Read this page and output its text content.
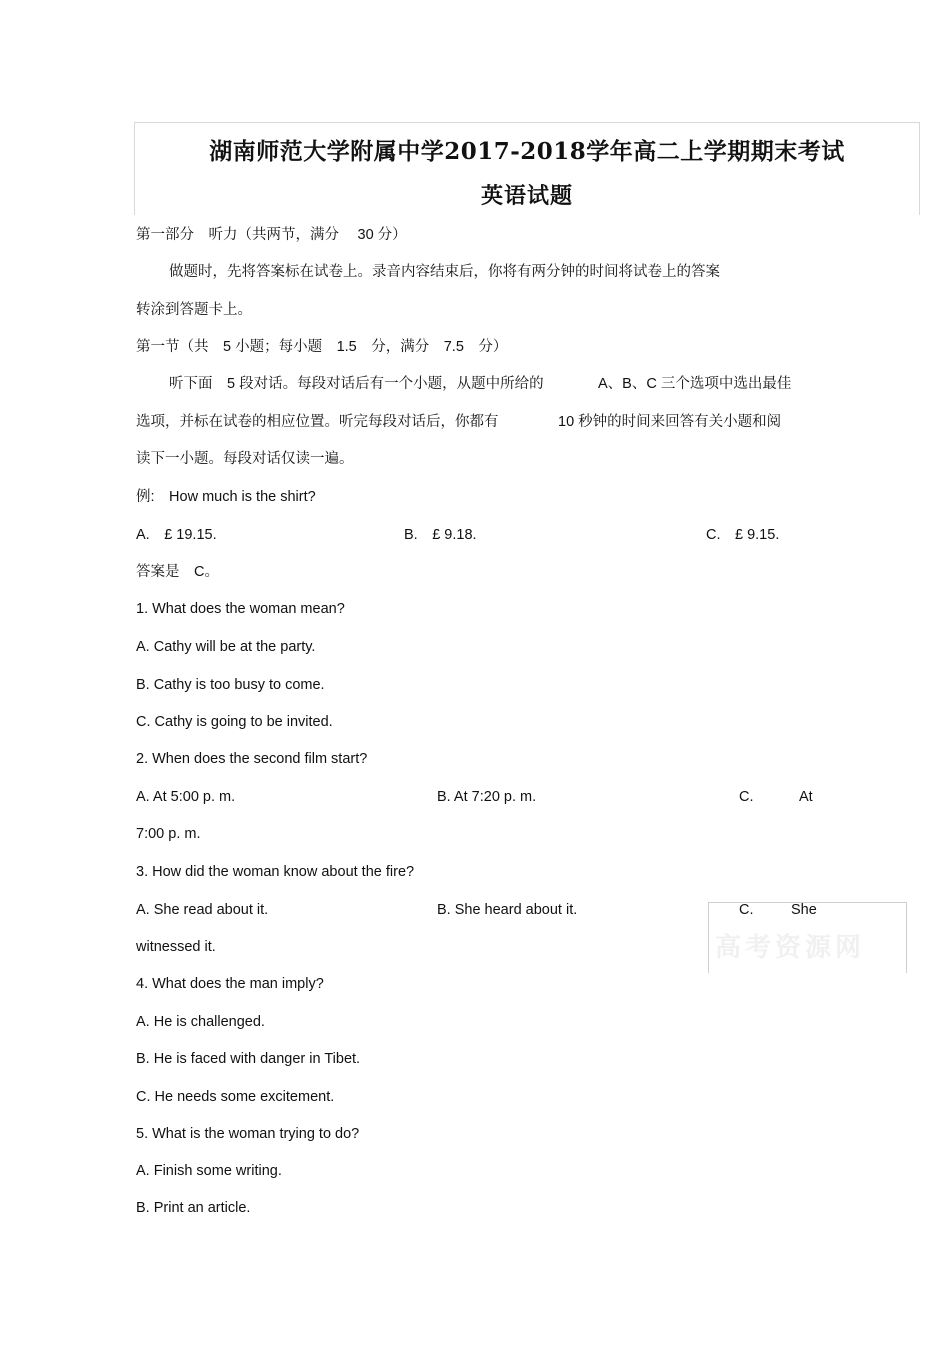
湖南师范大学附属中学2017-2018学年高二上学期期末考试
英语试题
第一部分　听力（共两节，满分　 30 分）
做题时，先将答案标在试卷上。录音内容结束后，你将有两分钟的时间将试卷上的答案
转涂到答题卡上。
第一节（共　5 小题；每小题　1.5　分，满分　7.5　分）
听下面　5 段对话。每段对话后有一个小题，从题中所给的	A、B、C 三个选项中选出最佳
选项，并标在试卷的相应位置。听完每段对话后，你都有	10 秒钟的时间来回答有关小题和阅
读下一小题。每段对话仅读一遍。
例:　How much is the shirt?
A.　£ 19.15.	B.　£ 9.18.	C.　£ 9.15.
答案是　C。
1. What does the woman mean?
A. Cathy will be at the party.
B. Cathy is too busy to come.
C. Cathy is going to be invited.
2. When does the second film start?
A. At 5:00 p. m.	B. At 7:20 p. m.	C.	At
7:00 p. m.
3. How did the woman know about the fire?
高考资源网
A. She read about it.	B. She heard about it.	C.	She
witnessed it.
4. What does the man imply?
A. He is challenged.
B. He is faced with danger in Tibet.
C. He needs some excitement.
5. What is the woman trying to do?
A. Finish some writing.
B. Print an article.
